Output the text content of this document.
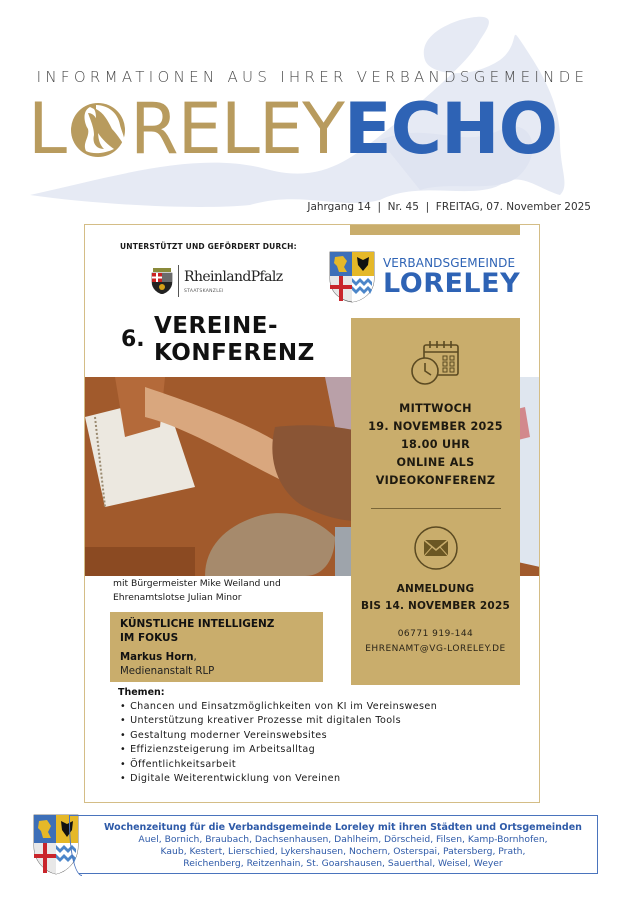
INFORMATIONEN AUS IHRER VERBANDSGEMEINDE
L RELEY ECHO
Jahrgang 14  |  Nr. 45  |  FREITAG, 07. November 2025
UNTERSTÜTZT UND GEFÖRDERT DURCH:
RheinlandPfalz
STAATSKANZLEI
VERBANDSGEMEINDE
LORELEY
6.
VEREINE-
KONFERENZ
MITTWOCH
19. NOVEMBER 2025
18.00 UHR
ONLINE ALS
VIDEOKONFERENZ
ANMELDUNG
BIS 14. NOVEMBER 2025
06771 919-144
EHRENAMT@VG-LORELEY.DE
mit Bürgermeister Mike Weiland und
Ehrenamtslotse Julian Minor
KÜNSTLICHE INTELLIGENZ
IM FOKUS
Markus Horn,
Medienanstalt RLP
Themen:
• Chancen und Einsatzmöglichkeiten von KI im Vereinswesen
• Unterstützung kreativer Prozesse mit digitalen Tools
• Gestaltung moderner Vereinswebsites
• Effizienzsteigerung im Arbeitsalltag
• Öffentlichkeitsarbeit
• Digitale Weiterentwicklung von Vereinen
Wochenzeitung für die Verbandsgemeinde Loreley mit ihren Städten und Ortsgemeinden
Auel, Bornich, Braubach, Dachsenhausen, Dahlheim, Dörscheid, Filsen, Kamp-Bornhofen,
Kaub, Kestert, Lierschied, Lykershausen, Nochern, Osterspai, Patersberg, Prath,
Reichenberg, Reitzenhain, St. Goarshausen, Sauerthal, Weisel, Weyer
